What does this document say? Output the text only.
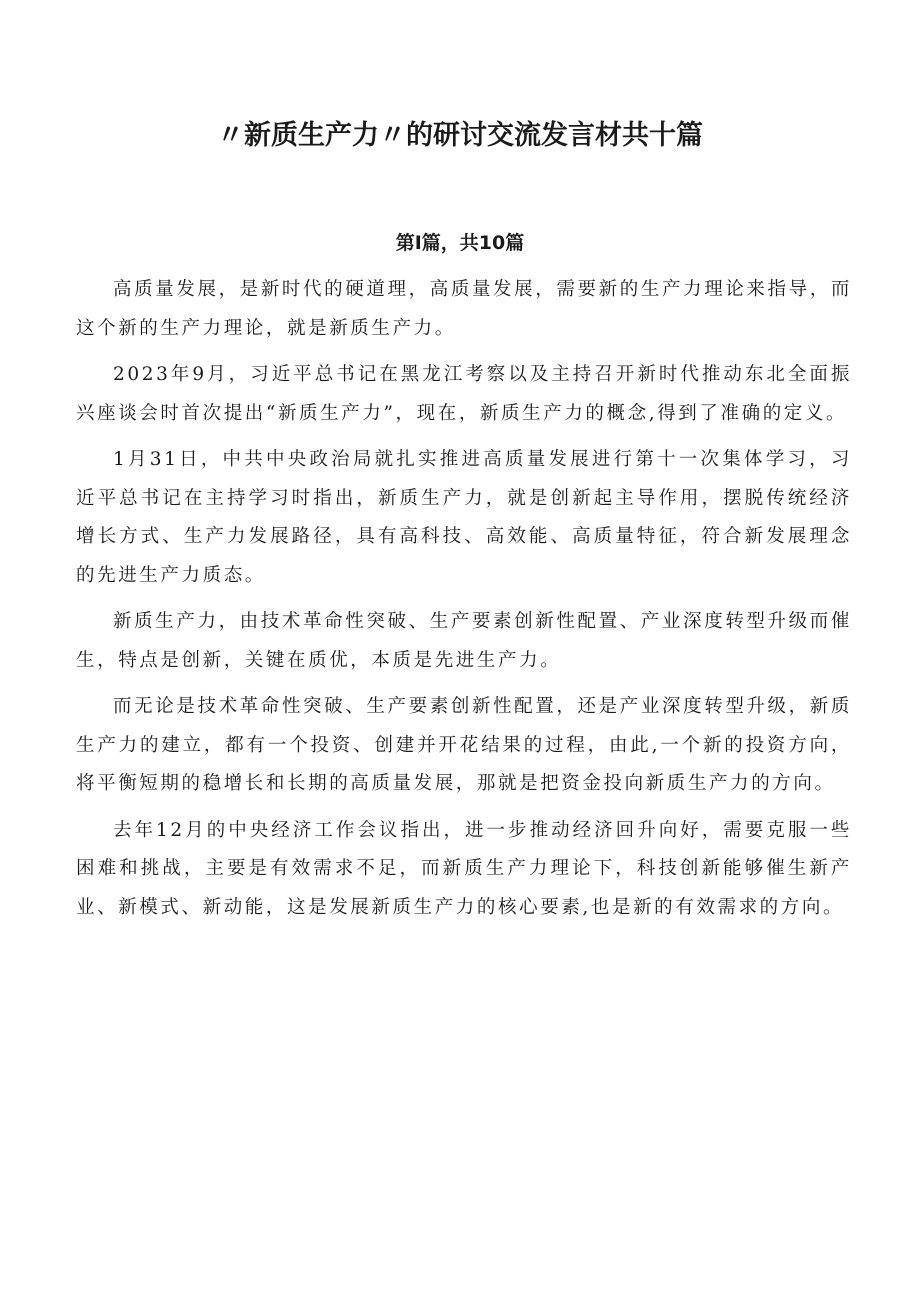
〃新质生产力〃的研讨交流发言材共十篇
第Ⅰ篇，共10篇

高质量发展，是新时代的硬道理，高质量发展，需要新的生产力理论来指导，而这个新的生产力理论，就是新质生产力。

2023年9月，习近平总书记在黑龙江考察以及主持召开新时代推动东北全面振兴座谈会时首次提出“新质生产力”，现在，新质生产力的概念,得到了准确的定义。

1月31日，中共中央政治局就扎实推进高质量发展进行第十一次集体学习，习近平总书记在主持学习时指出，新质生产力，就是创新起主导作用，摆脱传统经济增长方式、生产力发展路径，具有高科技、高效能、高质量特征，符合新发展理念的先进生产力质态。

新质生产力，由技术革命性突破、生产要素创新性配置、产业深度转型升级而催生，特点是创新，关键在质优，本质是先进生产力。

而无论是技术革命性突破、生产要素创新性配置，还是产业深度转型升级，新质生产力的建立，都有一个投资、创建并开花结果的过程，由此,一个新的投资方向，将平衡短期的稳增长和长期的高质量发展，那就是把资金投向新质生产力的方向。

去年12月的中央经济工作会议指出，进一步推动经济回升向好，需要克服一些困难和挑战，主要是有效需求不足，而新质生产力理论下，科技创新能够催生新产业、新模式、新动能，这是发展新质生产力的核心要素,也是新的有效需求的方向。
